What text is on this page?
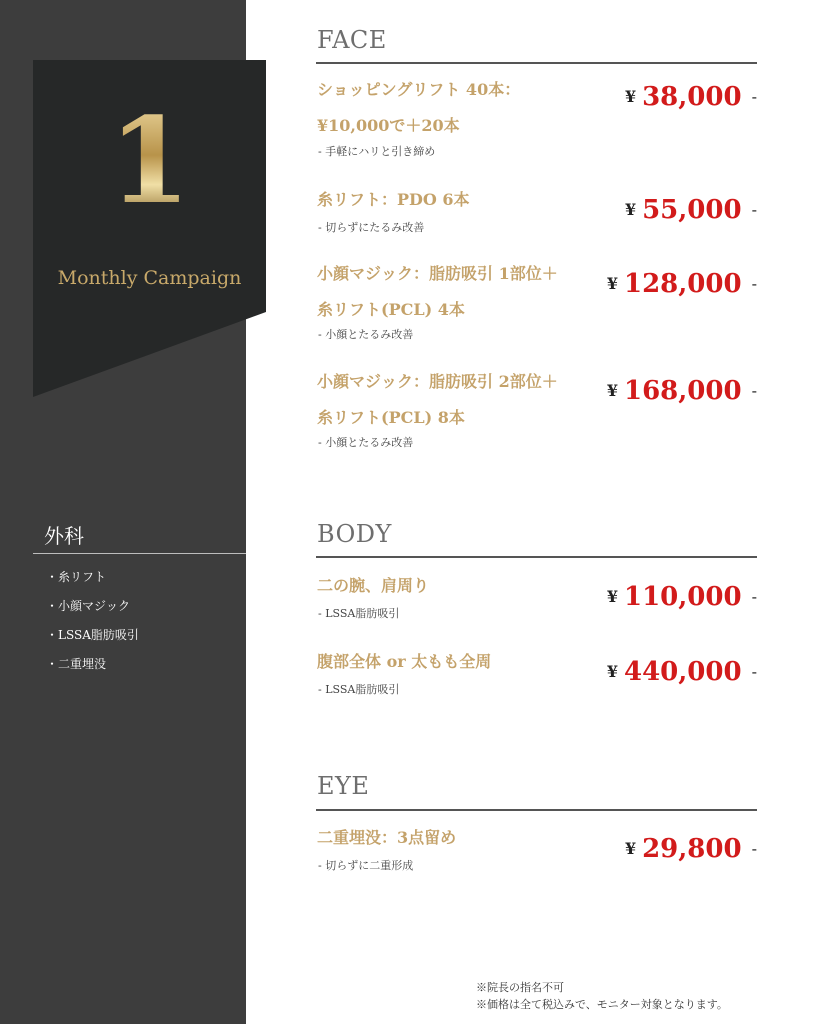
1
Monthly Campaign
外科
・糸リフト
・小顔マジック
・LSSA脂肪吸引
・二重埋没
FACE
ショッピングリフト 40本：
¥10,000で＋20本
- 手軽にハリと引き締め
¥ 38,000 -
糸リフト：PDO 6本
- 切らずにたるみ改善
¥ 55,000 -
小顔マジック：脂肪吸引 1部位＋
糸リフト(PCL) 4本
- 小顔とたるみ改善
¥ 128,000 -
小顔マジック：脂肪吸引 2部位＋
糸リフト(PCL) 8本
- 小顔とたるみ改善
¥ 168,000 -
BODY
二の腕、肩周り
- LSSA脂肪吸引
¥ 110,000 -
腹部全体 or 太もも全周
- LSSA脂肪吸引
¥ 440,000 -
EYE
二重埋没：3点留め
- 切らずに二重形成
¥ 29,800 -
※院長の指名不可
※価格は全て税込みで、モニター対象となります。
